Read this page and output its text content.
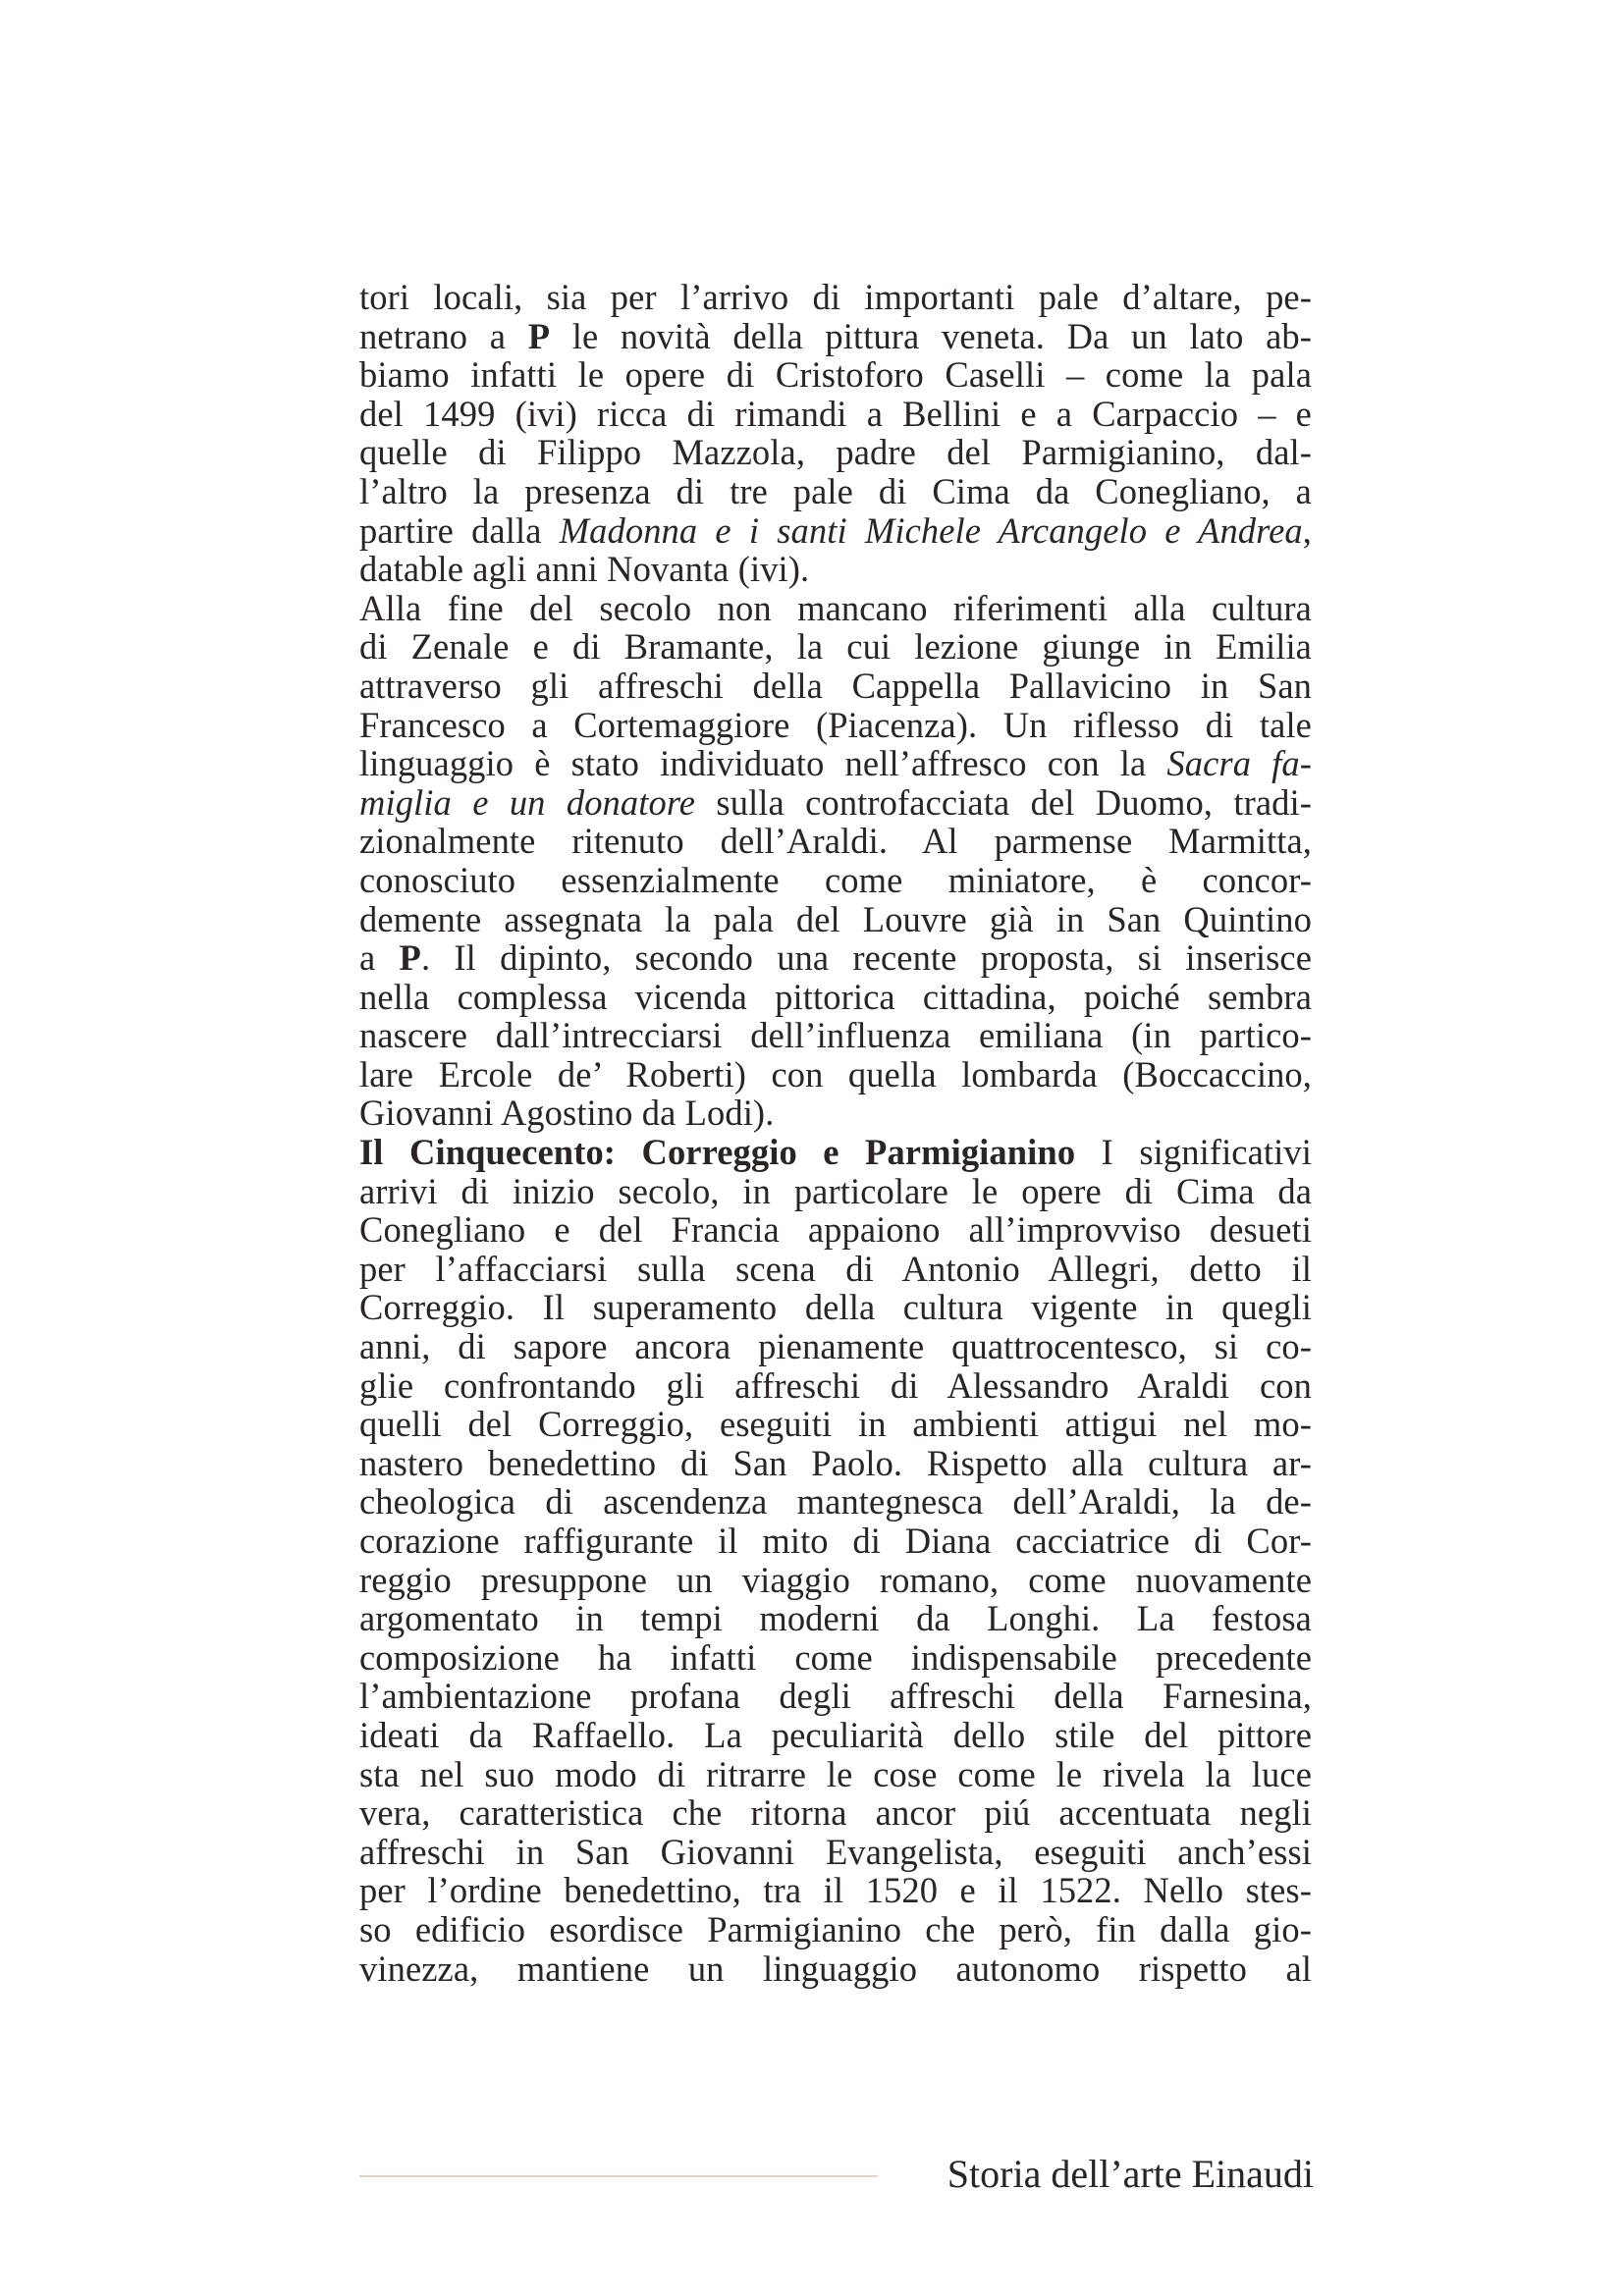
tori locali, sia per l’arrivo di importanti pale d’altare, pe-
netrano a P le novità della pittura veneta. Da un lato ab-
biamo infatti le opere di Cristoforo Caselli – come la pala
del 1499 (ivi) ricca di rimandi a Bellini e a Carpaccio – e
quelle di Filippo Mazzola, padre del Parmigianino, dal-
l’altro la presenza di tre pale di Cima da Conegliano, a
partire dalla Madonna e i santi Michele Arcangelo e Andrea,
datable agli anni Novanta (ivi).
Alla fine del secolo non mancano riferimenti alla cultura
di Zenale e di Bramante, la cui lezione giunge in Emilia
attraverso gli affreschi della Cappella Pallavicino in San
Francesco a Cortemaggiore (Piacenza). Un riflesso di tale
linguaggio è stato individuato nell’affresco con la Sacra fa-
miglia e un donatore sulla controfacciata del Duomo, tradi-
zionalmente ritenuto dell’Araldi. Al parmense Marmitta,
conosciuto essenzialmente come miniatore, è concor-
demente assegnata la pala del Louvre già in San Quintino
a P. Il dipinto, secondo una recente proposta, si inserisce
nella complessa vicenda pittorica cittadina, poiché sembra
nascere dall’intrecciarsi dell’influenza emiliana (in partico-
lare Ercole de’ Roberti) con quella lombarda (Boccaccino,
Giovanni Agostino da Lodi).
Il Cinquecento: Correggio e Parmigianino I significativi
arrivi di inizio secolo, in particolare le opere di Cima da
Conegliano e del Francia appaiono all’improvviso desueti
per l’affacciarsi sulla scena di Antonio Allegri, detto il
Correggio. Il superamento della cultura vigente in quegli
anni, di sapore ancora pienamente quattrocentesco, si co-
glie confrontando gli affreschi di Alessandro Araldi con
quelli del Correggio, eseguiti in ambienti attigui nel mo-
nastero benedettino di San Paolo. Rispetto alla cultura ar-
cheologica di ascendenza mantegnesca dell’Araldi, la de-
corazione raffigurante il mito di Diana cacciatrice di Cor-
reggio presuppone un viaggio romano, come nuovamente
argomentato in tempi moderni da Longhi. La festosa
composizione ha infatti come indispensabile precedente
l’ambientazione profana degli affreschi della Farnesina,
ideati da Raffaello. La peculiarità dello stile del pittore
sta nel suo modo di ritrarre le cose come le rivela la luce
vera, caratteristica che ritorna ancor piú accentuata negli
affreschi in San Giovanni Evangelista, eseguiti anch’essi
per l’ordine benedettino, tra il 1520 e il 1522. Nello stes-
so edificio esordisce Parmigianino che però, fin dalla gio-
vinezza, mantiene un linguaggio autonomo rispetto al
Storia dell’arte Einaudi
